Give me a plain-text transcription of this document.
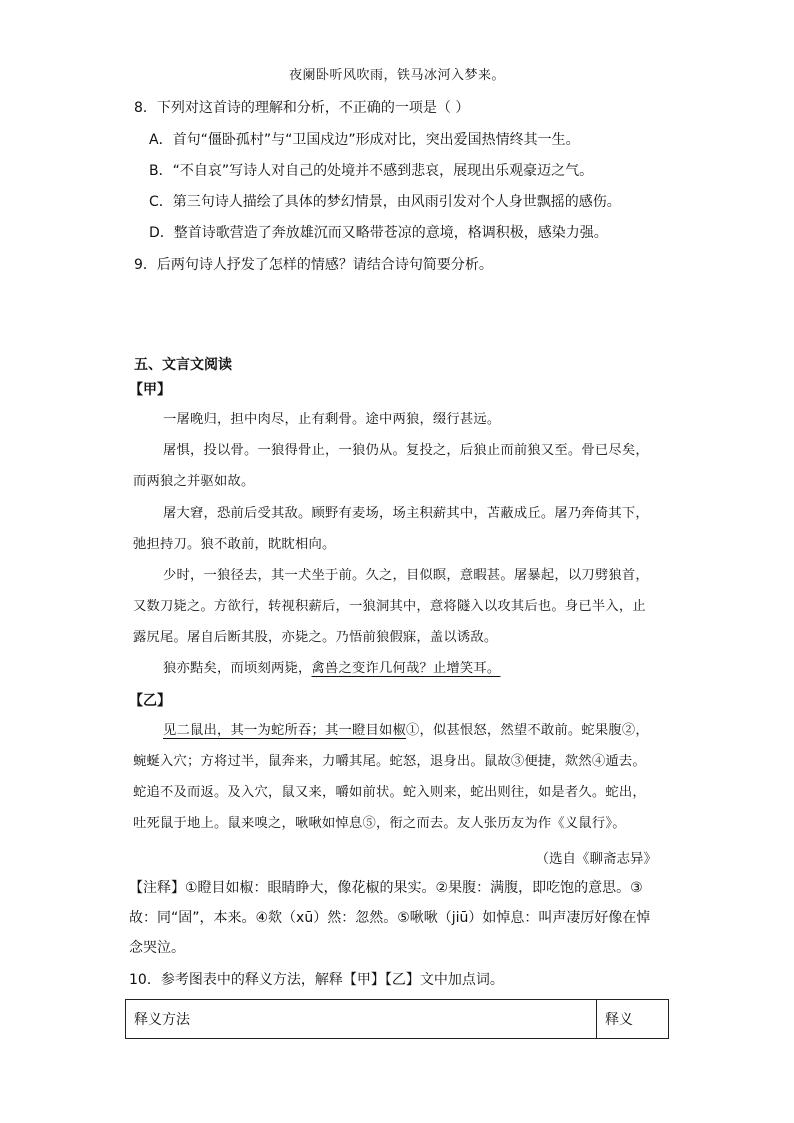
夜阑卧听风吹雨，铁马冰河入梦来。
8．下列对这首诗的理解和分析，不正确的一项是（ ）
A．首句“僵卧孤村”与“卫国戍边”形成对比，突出爱国热情终其一生。
B．“不自哀”写诗人对自己的处境并不感到悲哀，展现出乐观豪迈之气。
C．第三句诗人描绘了具体的梦幻情景，由风雨引发对个人身世飘摇的感伤。
D．整首诗歌营造了奔放雄沉而又略带苍凉的意境，格调积极，感染力强。
9．后两句诗人抒发了怎样的情感？请结合诗句简要分析。
五、文言文阅读
【甲】
一屠晚归，担中肉尽，止有剩骨。途中两狼，缀行甚远。
屠惧，投以骨。一狼得骨止，一狼仍从。复投之，后狼止而前狼又至。骨已尽矣，
而两狼之并驱如故。
屠大窘，恐前后受其敌。顾野有麦场，场主积薪其中，苫蔽成丘。屠乃奔倚其下，
弛担持刀。狼不敢前，眈眈相向。
少时，一狼径去，其一犬坐于前。久之，目似瞑，意暇甚。屠暴起，以刀劈狼首，
又数刀毙之。方欲行，转视积薪后，一狼洞其中，意将隧入以攻其后也。身已半入，止
露尻尾。屠自后断其股，亦毙之。乃悟前狼假寐，盖以诱敌。
狼亦黠矣，而顷刻两毙，禽兽之变诈几何哉？止增笑耳。
【乙】
见二鼠出，其一为蛇所吞；其一瞪目如椒①，似甚恨怒，然望不敢前。蛇果腹②，
蜿蜒入穴；方将过半，鼠奔来，力嚼其尾。蛇怒，退身出。鼠故③便捷，欻然④遁去。
蛇追不及而返。及入穴，鼠又来，嚼如前状。蛇入则来，蛇出则往，如是者久。蛇出，
吐死鼠于地上。鼠来嗅之，啾啾如悼息⑤，衔之而去。友人张历友为作《义鼠行》。
（选自《聊斋志异》
【注释】①瞪目如椒：眼睛睁大，像花椒的果实。②果腹：满腹，即吃饱的意思。③
故：同“固”，本来。④欻（xū）然：忽然。⑤啾啾（jiū）如悼息：叫声凄厉好像在悼
念哭泣。
10．参考图表中的释义方法，解释【甲】【乙】文中加点词。
释义方法	释义
